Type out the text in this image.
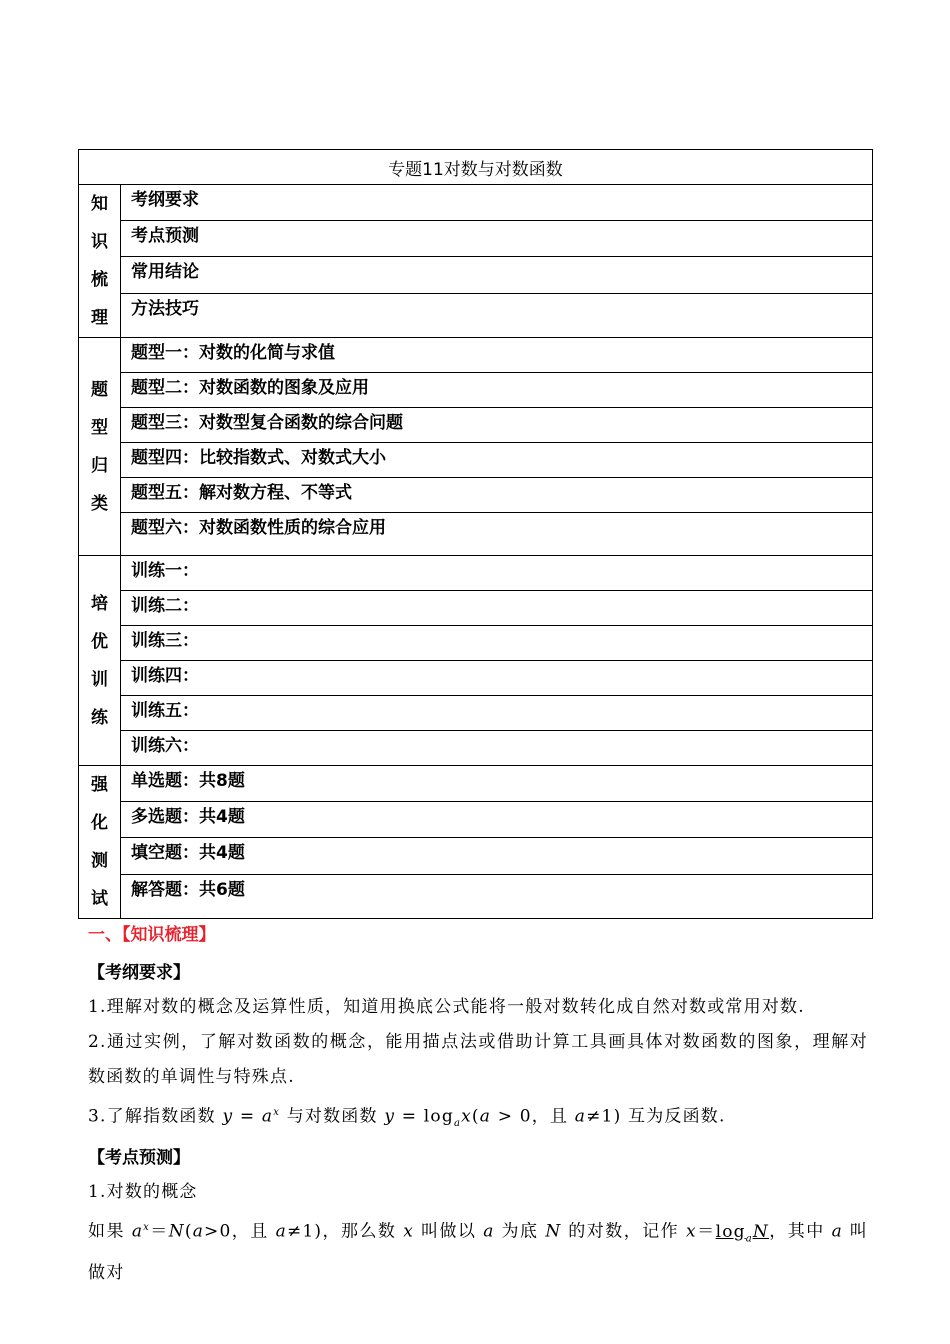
专题11对数与对数函数	
知识梳理	考纲要求
	考点预测
	常用结论
	方法技巧
题型归类	题型一：对数的化简与求值
	题型二：对数函数的图象及应用
	题型三：对数型复合函数的综合问题
	题型四：比较指数式、对数式大小
	题型五：解对数方程、不等式
	题型六：对数函数性质的综合应用
培优训练	训练一：
	训练二：
	训练三：
	训练四：
	训练五：
	训练六：
强化测试	单选题：共8题
	多选题：共4题
	填空题：共4题
	解答题：共6题
一、【知识梳理】
【考纲要求】
1.理解对数的概念及运算性质，知道用换底公式能将一般对数转化成自然对数或常用对数.
2.通过实例，了解对数函数的概念，能用描点法或借助计算工具画具体对数函数的图象，理解对数函数的单调性与特殊点.
3.了解指数函数 $y = a^x$ 与对数函数 $y = \log_ax(a > 0$，且 a≠1) 互为反函数.
【考点预测】
1.对数的概念
如果 $a^x=N(a>0$，且 a≠1)，那么数 x 叫做以 a 为底 N 的对数，记作 $x=\log_aN$，其中 a 叫做对
